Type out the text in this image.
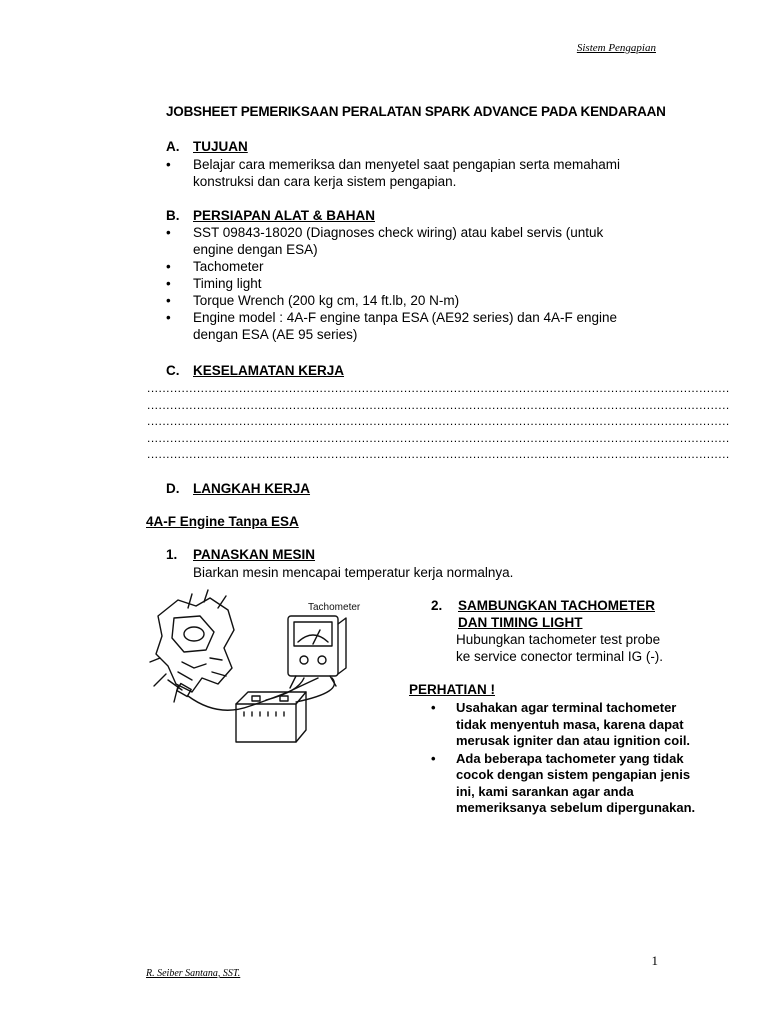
Sistem Pengapian
JOBSHEET PEMERIKSAAN PERALATAN SPARK ADVANCE PADA KENDARAAN
A. TUJUAN
• Belajar cara memeriksa dan menyetel saat pengapian serta memahami konstruksi dan cara kerja sistem pengapian.
B. PERSIAPAN ALAT & BAHAN
• SST 09843-18020 (Diagnoses check wiring) atau kabel servis (untuk engine dengan ESA)
• Tachometer
• Timing light
• Torque Wrench (200 kg cm, 14 ft.lb, 20 N-m)
• Engine model : 4A-F engine tanpa ESA (AE92 series) dan 4A-F engine dengan ESA (AE 95 series)
C. KESELAMATAN KERJA
........................................................................................................................................................
........................................................................................................................................................
........................................................................................................................................................
........................................................................................................................................................
........................................................................................................................................................
D. LANGKAH KERJA
4A-F Engine Tanpa ESA
1. PANASKAN MESIN
Biarkan mesin mencapai temperatur kerja normalnya.
Tachometer	2. SAMBUNGKAN TACHOMETER
DAN TIMING LIGHT
Hubungkan tachometer test probe
ke service conector terminal IG (-).
PERHATIAN !
• Usahakan agar terminal tachometer tidak menyentuh masa, karena dapat merusak igniter dan atau ignition coil.
• Ada beberapa tachometer yang tidak cocok dengan sistem pengapian jenis ini, kami sarankan agar anda memeriksanya sebelum dipergunakan.
1
R. Seiber Santana, SST.
